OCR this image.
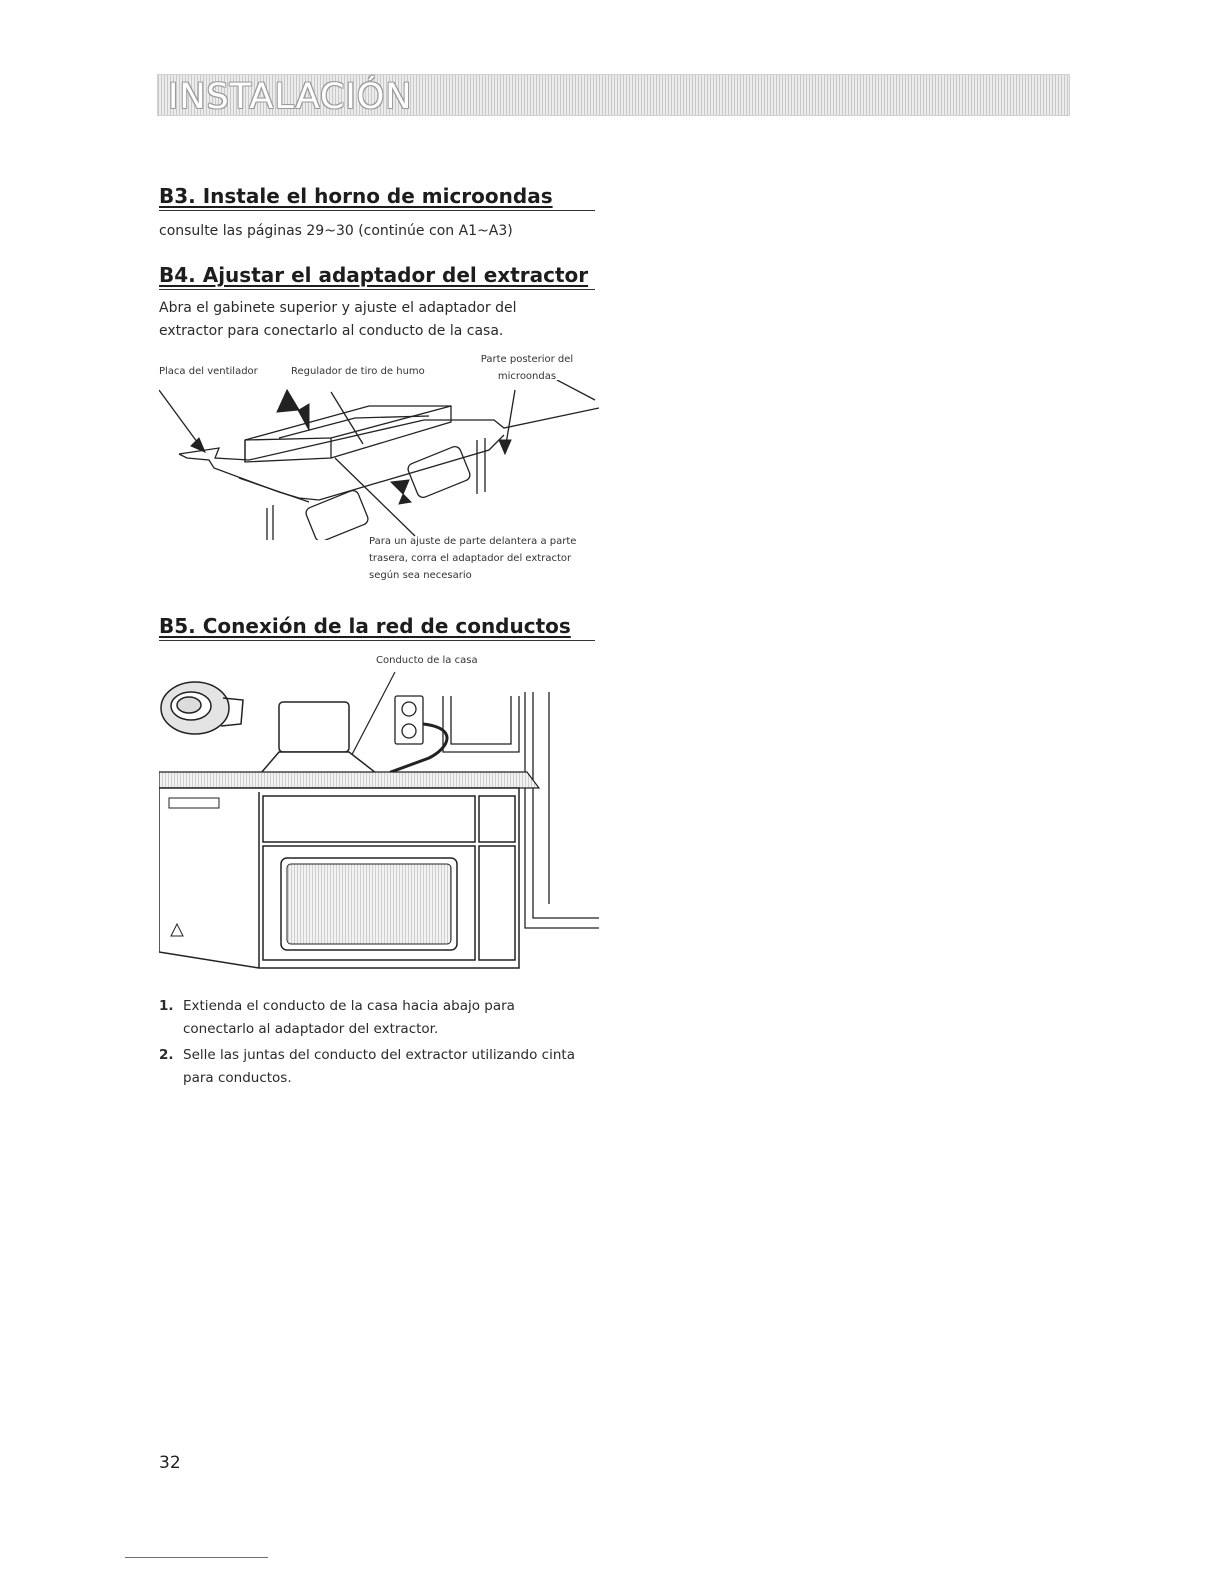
INSTALACIÓN
B3. Instale el horno de microondas
consulte las páginas 29~30 (continúe con A1~A3)
B4. Ajustar el adaptador del extractor
Abra el gabinete superior y ajuste el adaptador del
extractor para conectarlo al conducto de la casa.
Placa del ventilador	Regulador de tiro de humo
Parte posterior del
microondas
Para un ajuste de parte delantera a parte
trasera, corra el adaptador del extractor
según sea necesario
B5. Conexión de la red de conductos
Conducto de la casa
1. Extienda el conducto de la casa hacia abajo para
conectarlo al adaptador del extractor.
2. Selle las juntas del conducto del extractor utilizando cinta
para conductos.
32
